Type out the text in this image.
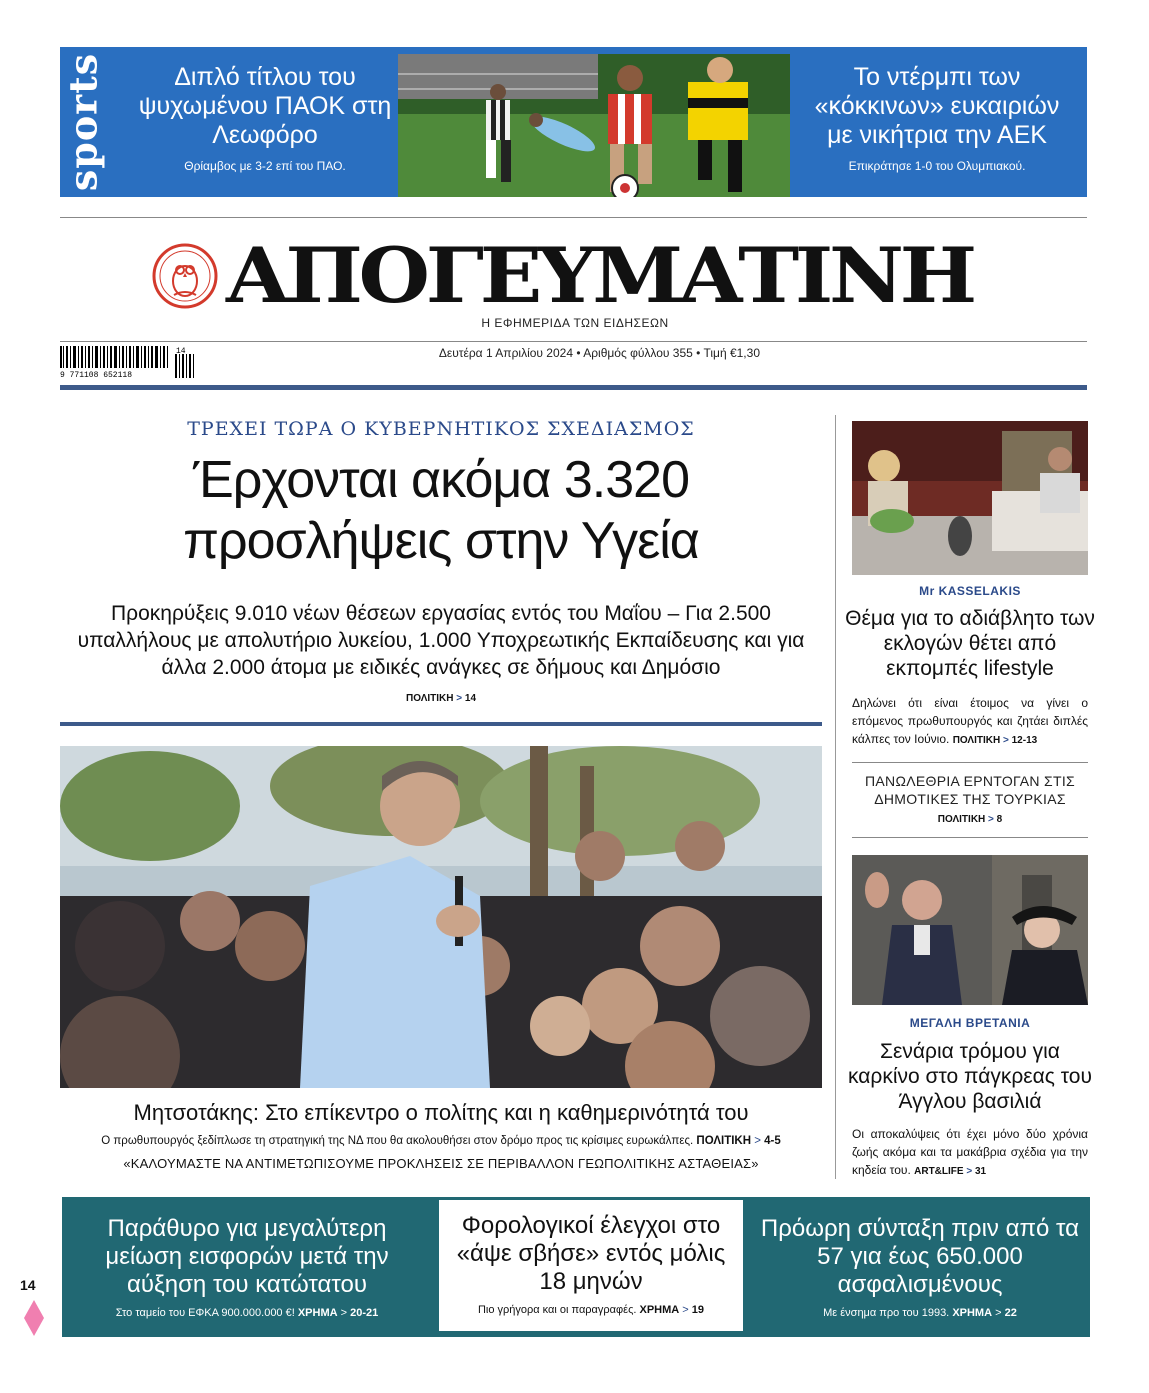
sports	Διπλό τίτλου του ψυχωμένου ΠΑΟΚ στη Λεωφόρο
Θρίαμβος με 3-2 επί του ΠΑΟ.
Το ντέρμπι των «κόκκινων» ευκαιριών με νικήτρια την ΑΕΚ
Επικράτησε 1-0 του Ολυμπιακού.
ΑΠΟΓΕΥΜΑΤΙΝΗ
Η ΕΦΗΜΕΡΙΔΑ ΤΩΝ ΕΙΔΗΣΕΩΝ
9 771108 652118
14	Δευτέρα 1 Απριλίου 2024 • Αριθμός φύλλου 355 • Τιμή €1,30
ΤΡΕΧΕΙ ΤΩΡΑ Ο ΚΥΒΕΡΝΗΤΙΚΟΣ ΣΧΕΔΙΑΣΜΟΣ
Έρχονται ακόμα 3.320
προσλήψεις στην Υγεία
Προκηρύξεις 9.010 νέων θέσεων εργασίας εντός του Μαΐου – Για 2.500 υπαλλήλους με απολυτήριο λυκείου, 1.000 Υποχρεωτικής Εκπαίδευσης και για άλλα 2.000 άτομα με ειδικές ανάγκες σε δήμους και Δημόσιο
ΠΟΛΙΤΙΚΗ > 14
Μητσοτάκης: Στο επίκεντρο ο πολίτης και η καθημερινότητά του
Ο πρωθυπουργός ξεδίπλωσε τη στρατηγική της ΝΔ που θα ακολουθήσει στον δρόμο προς τις κρίσιμες ευρωκάλπες. ΠΟΛΙΤΙΚΗ > 4-5
«ΚΑΛΟΥΜΑΣΤΕ ΝΑ ΑΝΤΙΜΕΤΩΠΙΣΟΥΜΕ ΠΡΟΚΛΗΣΕΙΣ ΣΕ ΠΕΡΙΒΑΛΛΟΝ ΓΕΩΠΟΛΙΤΙΚΗΣ ΑΣΤΑΘΕΙΑΣ»
Mr KASSELAKIS
Θέμα για το αδιάβλητο των εκλογών θέτει από εκπομπές lifestyle
Δηλώνει ότι είναι έτοιμος να γίνει ο επόμενος πρωθυπουργός και ζητάει διπλές κάλπες τον Ιούνιο. ΠΟΛΙΤΙΚΗ > 12-13
ΠΑΝΩΛΕΘΡΙΑ ΕΡΝΤΟΓΑΝ ΣΤΙΣ ΔΗΜΟΤΙΚΕΣ ΤΗΣ ΤΟΥΡΚΙΑΣ
ΠΟΛΙΤΙΚΗ > 8
ΜΕΓΑΛΗ ΒΡΕΤΑΝΙΑ
Σενάρια τρόμου για καρκίνο στο πάγκρεας του Άγγλου βασιλιά
Οι αποκαλύψεις ότι έχει μόνο δύο χρόνια ζωής ακόμα και τα μακάβρια σχέδια για την κηδεία του. ART&LIFE > 31
Παράθυρο για μεγαλύτερη μείωση εισφορών μετά την αύξηση του κατώτατου
Στο ταμείο του ΕΦΚΑ 900.000.000 €! ΧΡΗΜΑ > 20-21
Φορολογικοί έλεγχοι στο «άψε σβήσε» εντός μόλις 18 μηνών
Πιο γρήγορα και οι παραγραφές. ΧΡΗΜΑ > 19
Πρόωρη σύνταξη πριν από τα 57 για έως 650.000 ασφαλισμένους
Με ένσημα προ του 1993. ΧΡΗΜΑ > 22
14
